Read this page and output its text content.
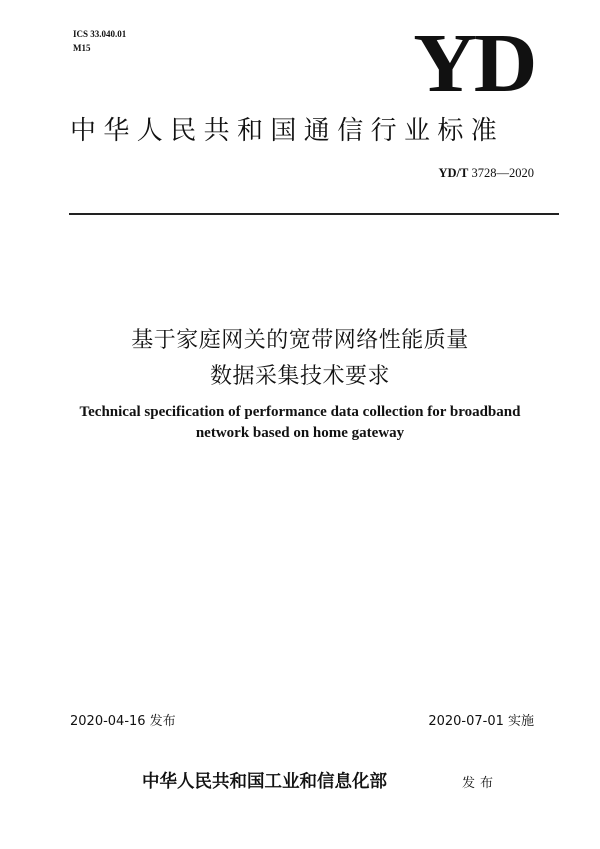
ICS 33.040.01
M15	YD
中华人民共和国通信行业标准
YD/T 3728—2020
基于家庭网关的宽带网络性能质量
数据采集技术要求
Technical specification of performance data collection for broadband
network based on home gateway
2020-04-16 发布	2020-07-01 实施
中华人民共和国工业和信息化部	发布
